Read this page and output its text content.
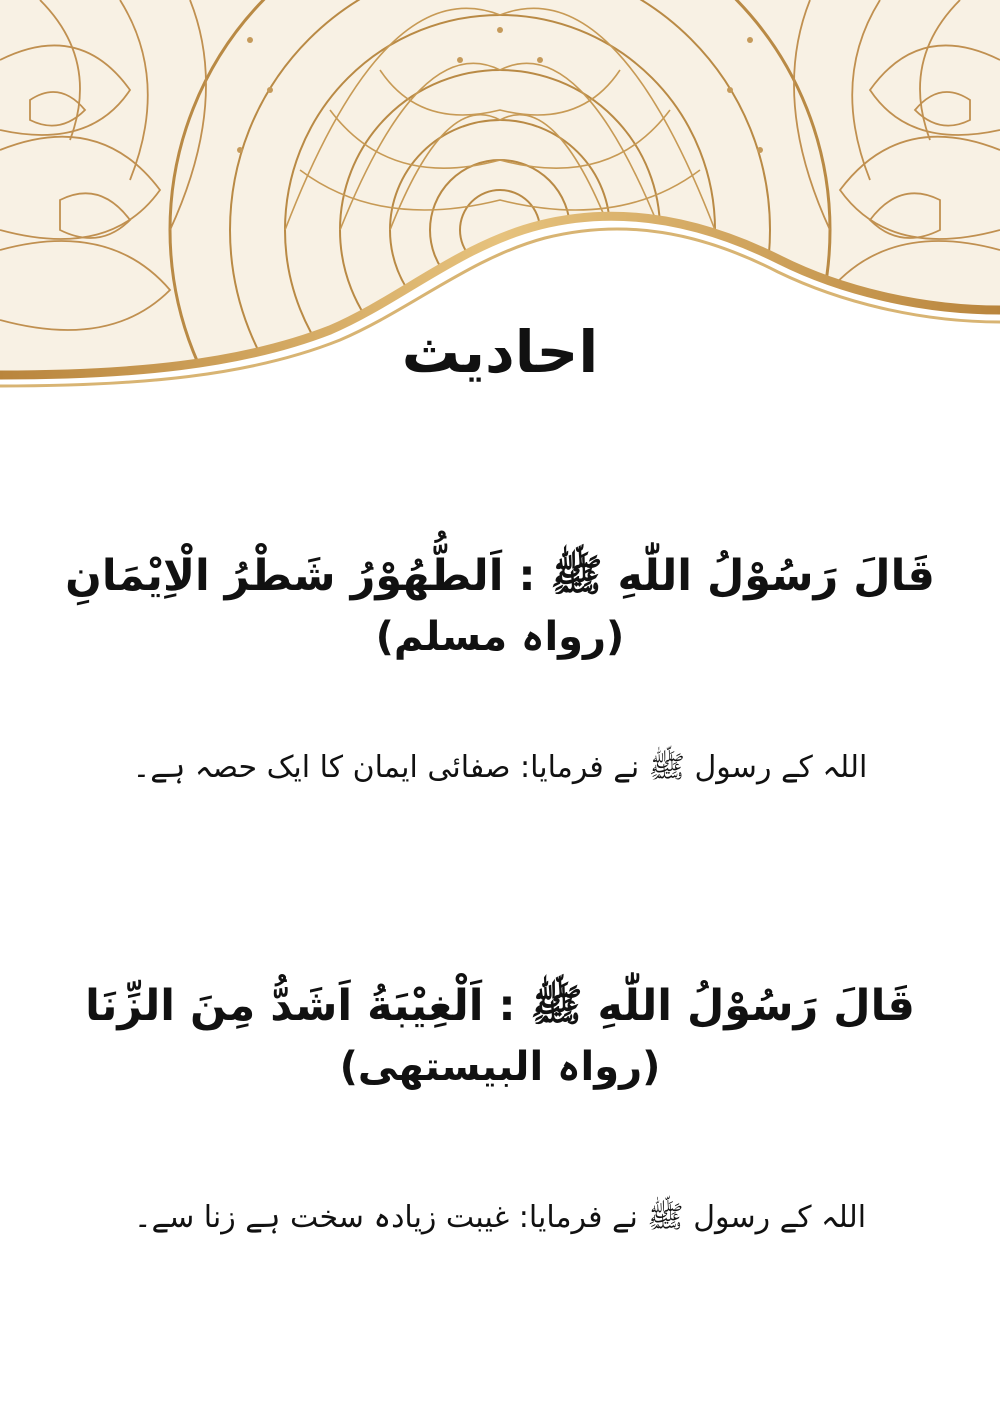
احادیث
قَالَ رَسُوْلُ اللّٰهِ ﷺ : اَلطُّهُوْرُ شَطْرُ الْاِيْمَانِ
(رواہ مسلم)
اللہ کے رسول ﷺ نے فرمایا: صفائی ایمان کا ایک حصہ ہے۔
قَالَ رَسُوْلُ اللّٰهِ ﷺ : اَلْغِيْبَةُ اَشَدُّ مِنَ الزِّنَا
(رواہ البیستھی)
اللہ کے رسول ﷺ نے فرمایا: غیبت زیادہ سخت ہے زنا سے۔
